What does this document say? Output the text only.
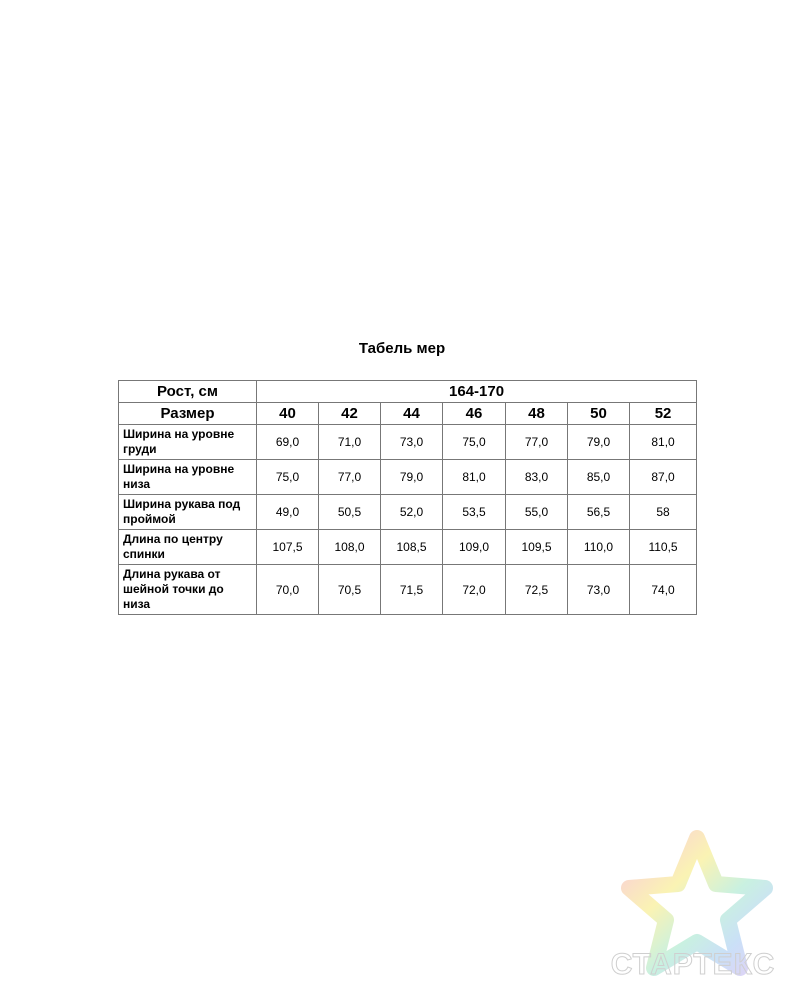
Табель мер
Рост, см	164-170						
Размер	40	42	44	46	48	50	52
Ширина на уровне груди	69,0	71,0	73,0	75,0	77,0	79,0	81,0
Ширина на уровне низа	75,0	77,0	79,0	81,0	83,0	85,0	87,0
Ширина рукава под проймой	49,0	50,5	52,0	53,5	55,0	56,5	58
Длина по центру спинки	107,5	108,0	108,5	109,0	109,5	110,0	110,5
Длина рукава от шейной точки до низа	70,0	70,5	71,5	72,0	72,5	73,0	74,0
СТАРТЕКС
